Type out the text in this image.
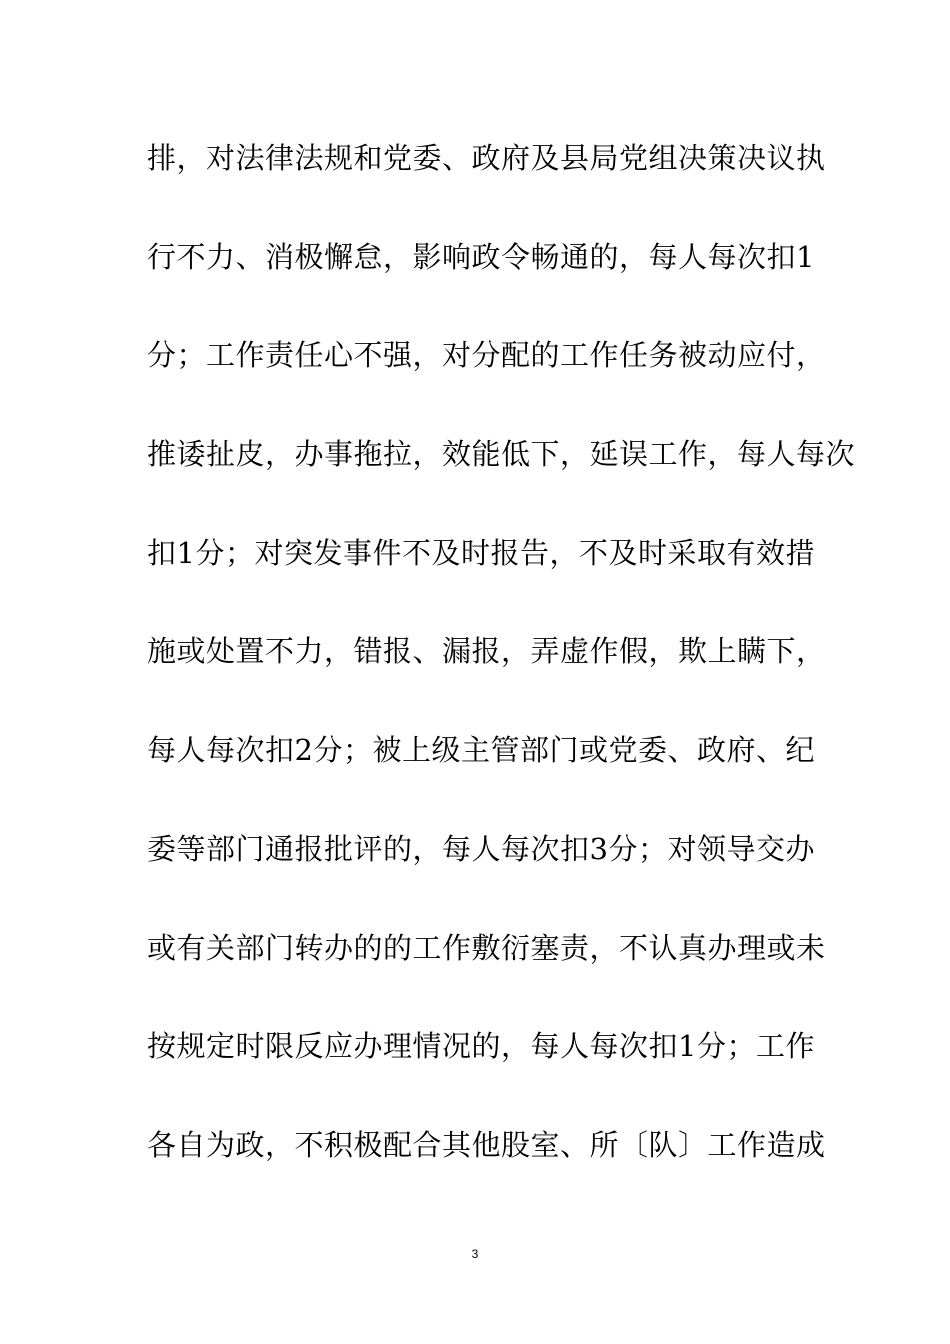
排，对法律法规和党委、政府及县局党组决策决议执
行不力、消极懈怠，影响政令畅通的，每人每次扣1
分；工作责任心不强，对分配的工作任务被动应付，
推诿扯皮，办事拖拉，效能低下，延误工作，每人每次
扣1分；对突发事件不及时报告，不及时采取有效措
施或处置不力，错报、漏报，弄虚作假，欺上瞒下，
每人每次扣2分；被上级主管部门或党委、政府、纪
委等部门通报批评的，每人每次扣3分；对领导交办
或有关部门转办的的工作敷衍塞责，不认真办理或未
按规定时限反应办理情况的，每人每次扣1分；工作
各自为政，不积极配合其他股室、所〔队〕工作造成
3
